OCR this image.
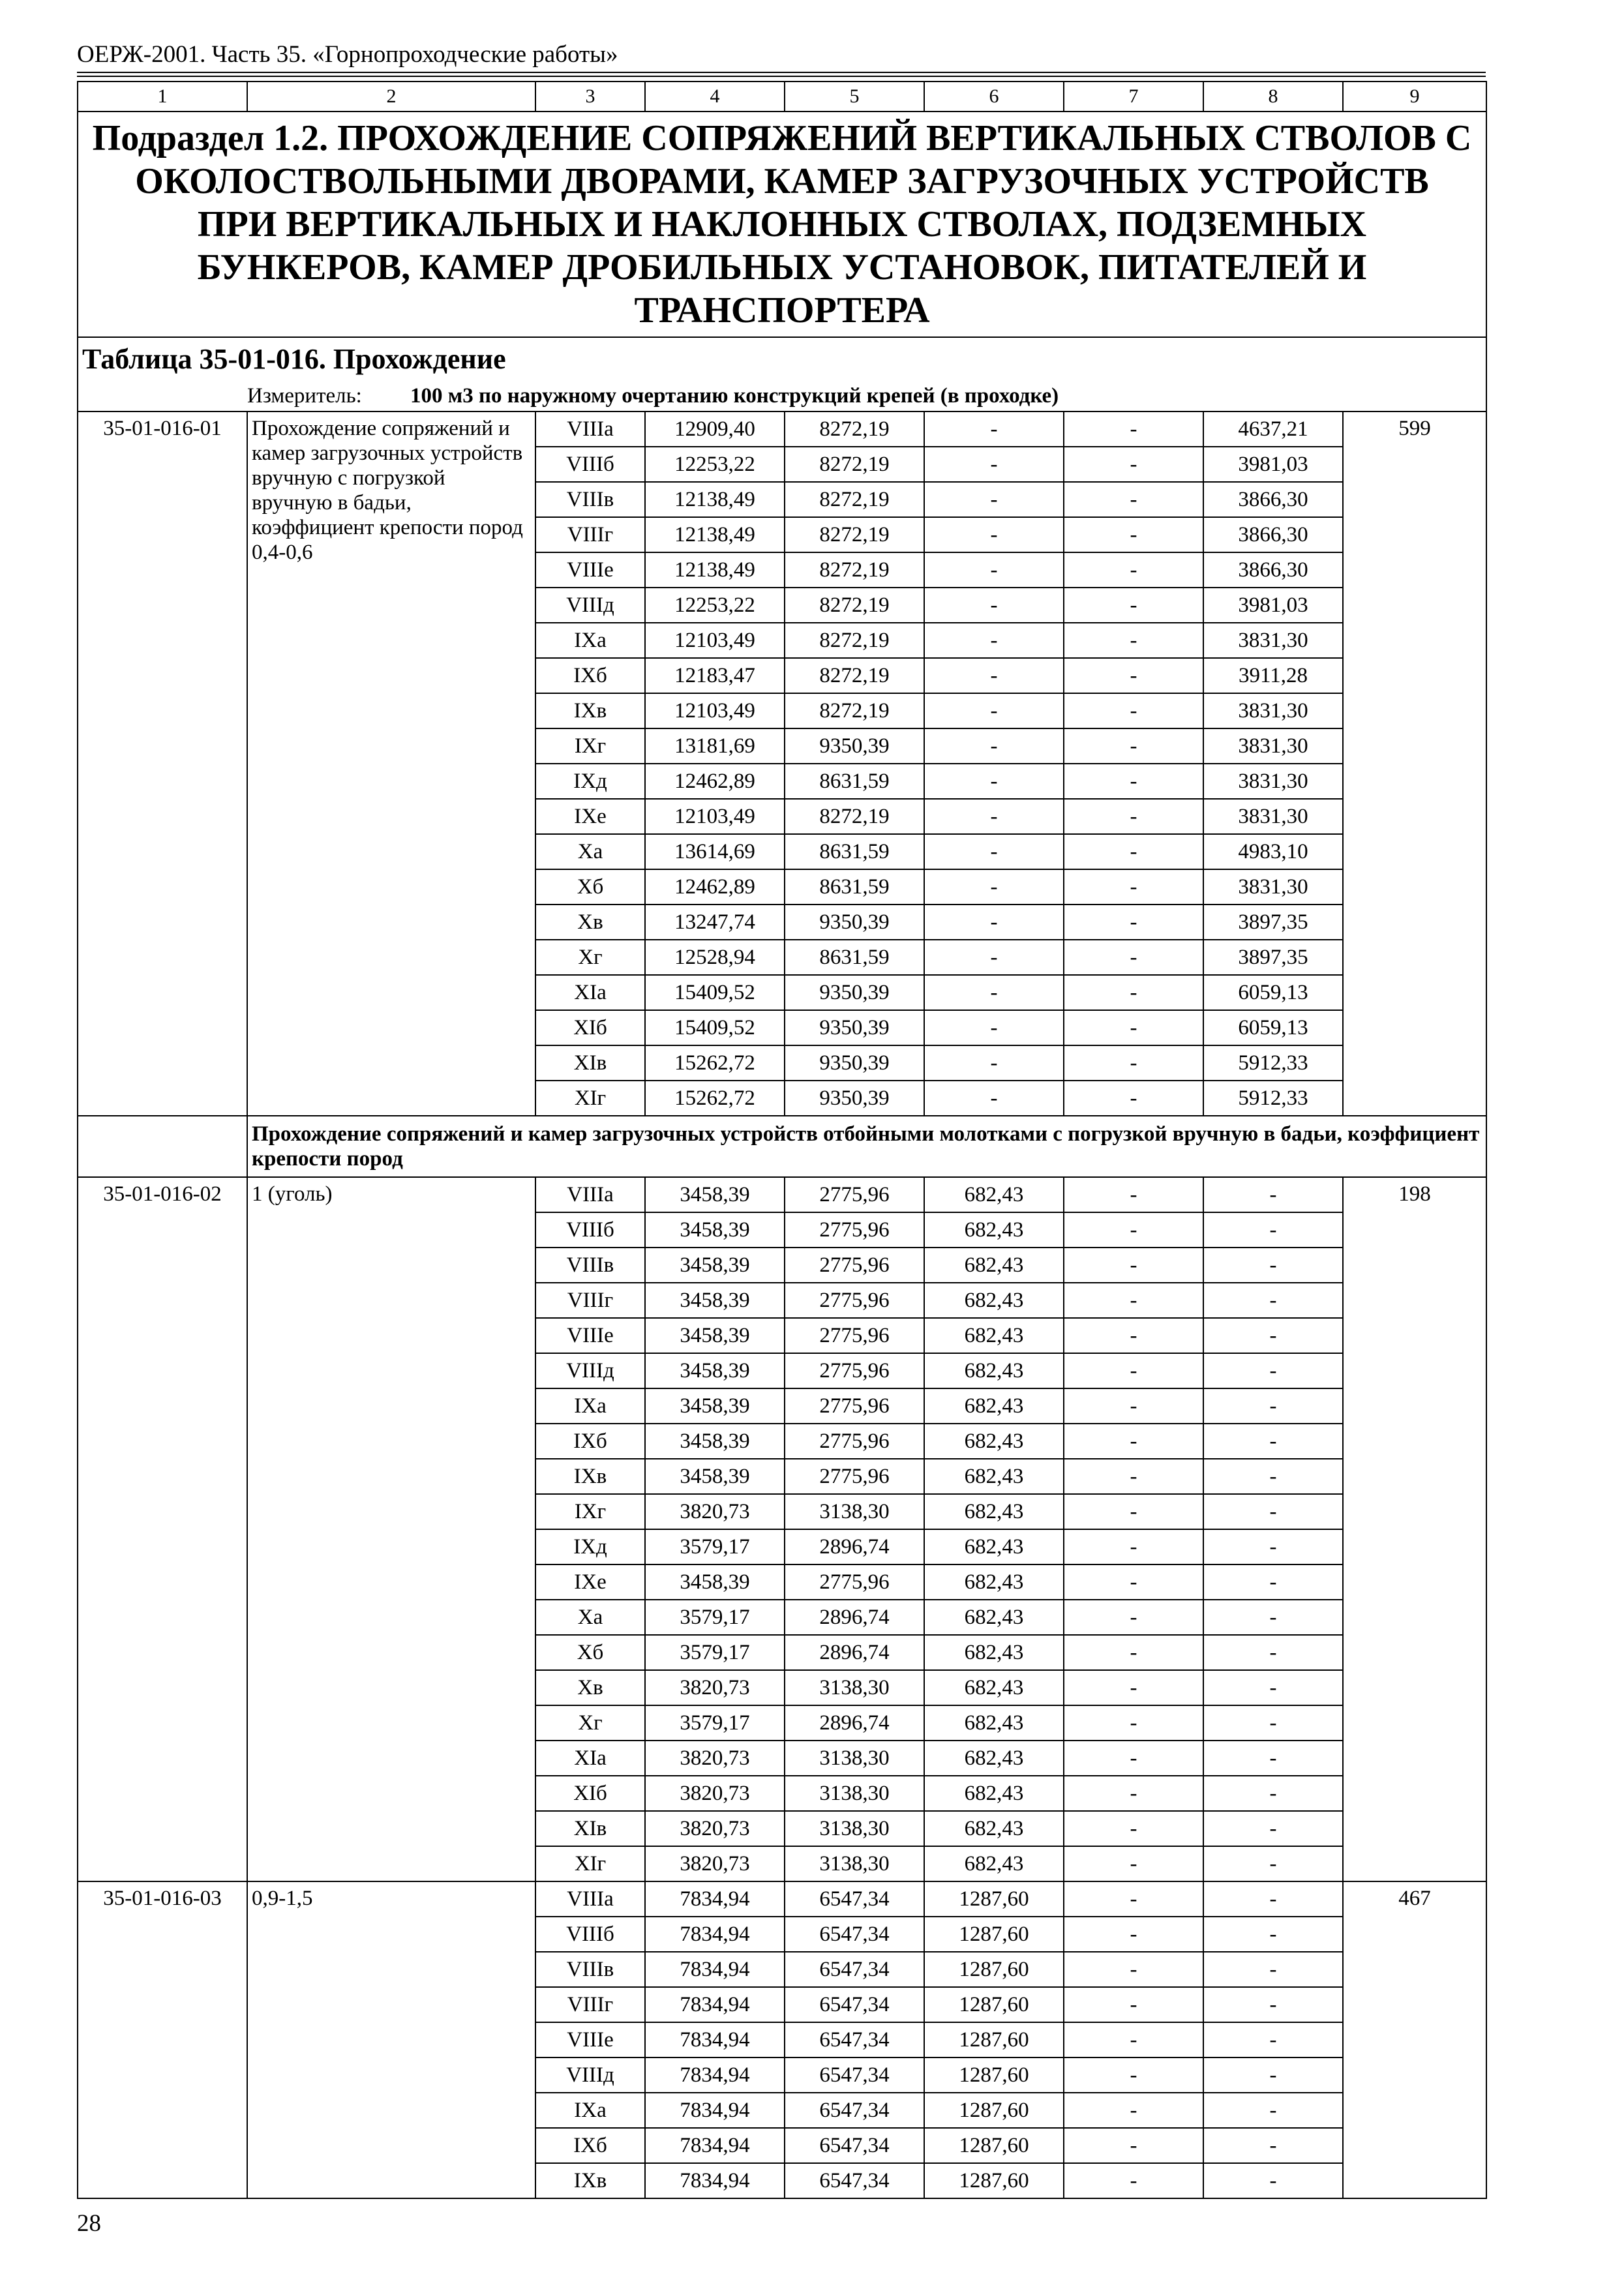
ОЕРЖ-2001. Часть 35. «Горнопроходческие работы»
1	2	3	4	5	6	7	8	9
Подраздел 1.2. ПРОХОЖДЕНИЕ СОПРЯЖЕНИЙ ВЕРТИКАЛЬНЫХ СТВОЛОВ С ОКОЛОСТВОЛЬНЫМИ ДВОРАМИ, КАМЕР ЗАГРУЗОЧНЫХ УСТРОЙСТВ ПРИ ВЕРТИКАЛЬНЫХ И НАКЛОННЫХ СТВОЛАХ, ПОДЗЕМНЫХ БУНКЕРОВ, КАМЕР ДРОБИЛЬНЫХ УСТАНОВОК, ПИТАТЕЛЕЙ И ТРАНСПОРТЕРА								
Таблица 35-01-016. Прохождение								
	Измеритель: 100 м3 по наружному очертанию конструкций крепей (в проходке)							
35-01-016-01	Прохождение сопряжений и камер загрузочных устройств вручную с погрузкой вручную в бадьи, коэффициент крепости пород 0,4-0,6	VIIIа	12909,40	8272,19	-	-	4637,21	599
		VIIIб	12253,22	8272,19	-	-	3981,03	
		VIIIв	12138,49	8272,19	-	-	3866,30	
		VIIIг	12138,49	8272,19	-	-	3866,30	
		VIIIе	12138,49	8272,19	-	-	3866,30	
		VIIIд	12253,22	8272,19	-	-	3981,03	
		IXа	12103,49	8272,19	-	-	3831,30	
		IXб	12183,47	8272,19	-	-	3911,28	
		IXв	12103,49	8272,19	-	-	3831,30	
		IXг	13181,69	9350,39	-	-	3831,30	
		IXд	12462,89	8631,59	-	-	3831,30	
		IXе	12103,49	8272,19	-	-	3831,30	
		Xа	13614,69	8631,59	-	-	4983,10	
		Xб	12462,89	8631,59	-	-	3831,30	
		Xв	13247,74	9350,39	-	-	3897,35	
		Xг	12528,94	8631,59	-	-	3897,35	
		XIа	15409,52	9350,39	-	-	6059,13	
		XIб	15409,52	9350,39	-	-	6059,13	
		XIв	15262,72	9350,39	-	-	5912,33	
		XIг	15262,72	9350,39	-	-	5912,33	
	Прохождение сопряжений и камер загрузочных устройств отбойными молотками с погрузкой вручную в бадьи, коэффициент крепости пород							
35-01-016-02	1 (уголь)	VIIIа	3458,39	2775,96	682,43	-	-	198
		VIIIб	3458,39	2775,96	682,43	-	-	
		VIIIв	3458,39	2775,96	682,43	-	-	
		VIIIг	3458,39	2775,96	682,43	-	-	
		VIIIе	3458,39	2775,96	682,43	-	-	
		VIIIд	3458,39	2775,96	682,43	-	-	
		IXа	3458,39	2775,96	682,43	-	-	
		IXб	3458,39	2775,96	682,43	-	-	
		IXв	3458,39	2775,96	682,43	-	-	
		IXг	3820,73	3138,30	682,43	-	-	
		IXд	3579,17	2896,74	682,43	-	-	
		IXе	3458,39	2775,96	682,43	-	-	
		Xа	3579,17	2896,74	682,43	-	-	
		Xб	3579,17	2896,74	682,43	-	-	
		Xв	3820,73	3138,30	682,43	-	-	
		Xг	3579,17	2896,74	682,43	-	-	
		XIа	3820,73	3138,30	682,43	-	-	
		XIб	3820,73	3138,30	682,43	-	-	
		XIв	3820,73	3138,30	682,43	-	-	
		XIг	3820,73	3138,30	682,43	-	-	
35-01-016-03	0,9-1,5	VIIIа	7834,94	6547,34	1287,60	-	-	467
		VIIIб	7834,94	6547,34	1287,60	-	-	
		VIIIв	7834,94	6547,34	1287,60	-	-	
		VIIIг	7834,94	6547,34	1287,60	-	-	
		VIIIе	7834,94	6547,34	1287,60	-	-	
		VIIIд	7834,94	6547,34	1287,60	-	-	
		IXа	7834,94	6547,34	1287,60	-	-	
		IXб	7834,94	6547,34	1287,60	-	-	
		IXв	7834,94	6547,34	1287,60	-	-	
28
